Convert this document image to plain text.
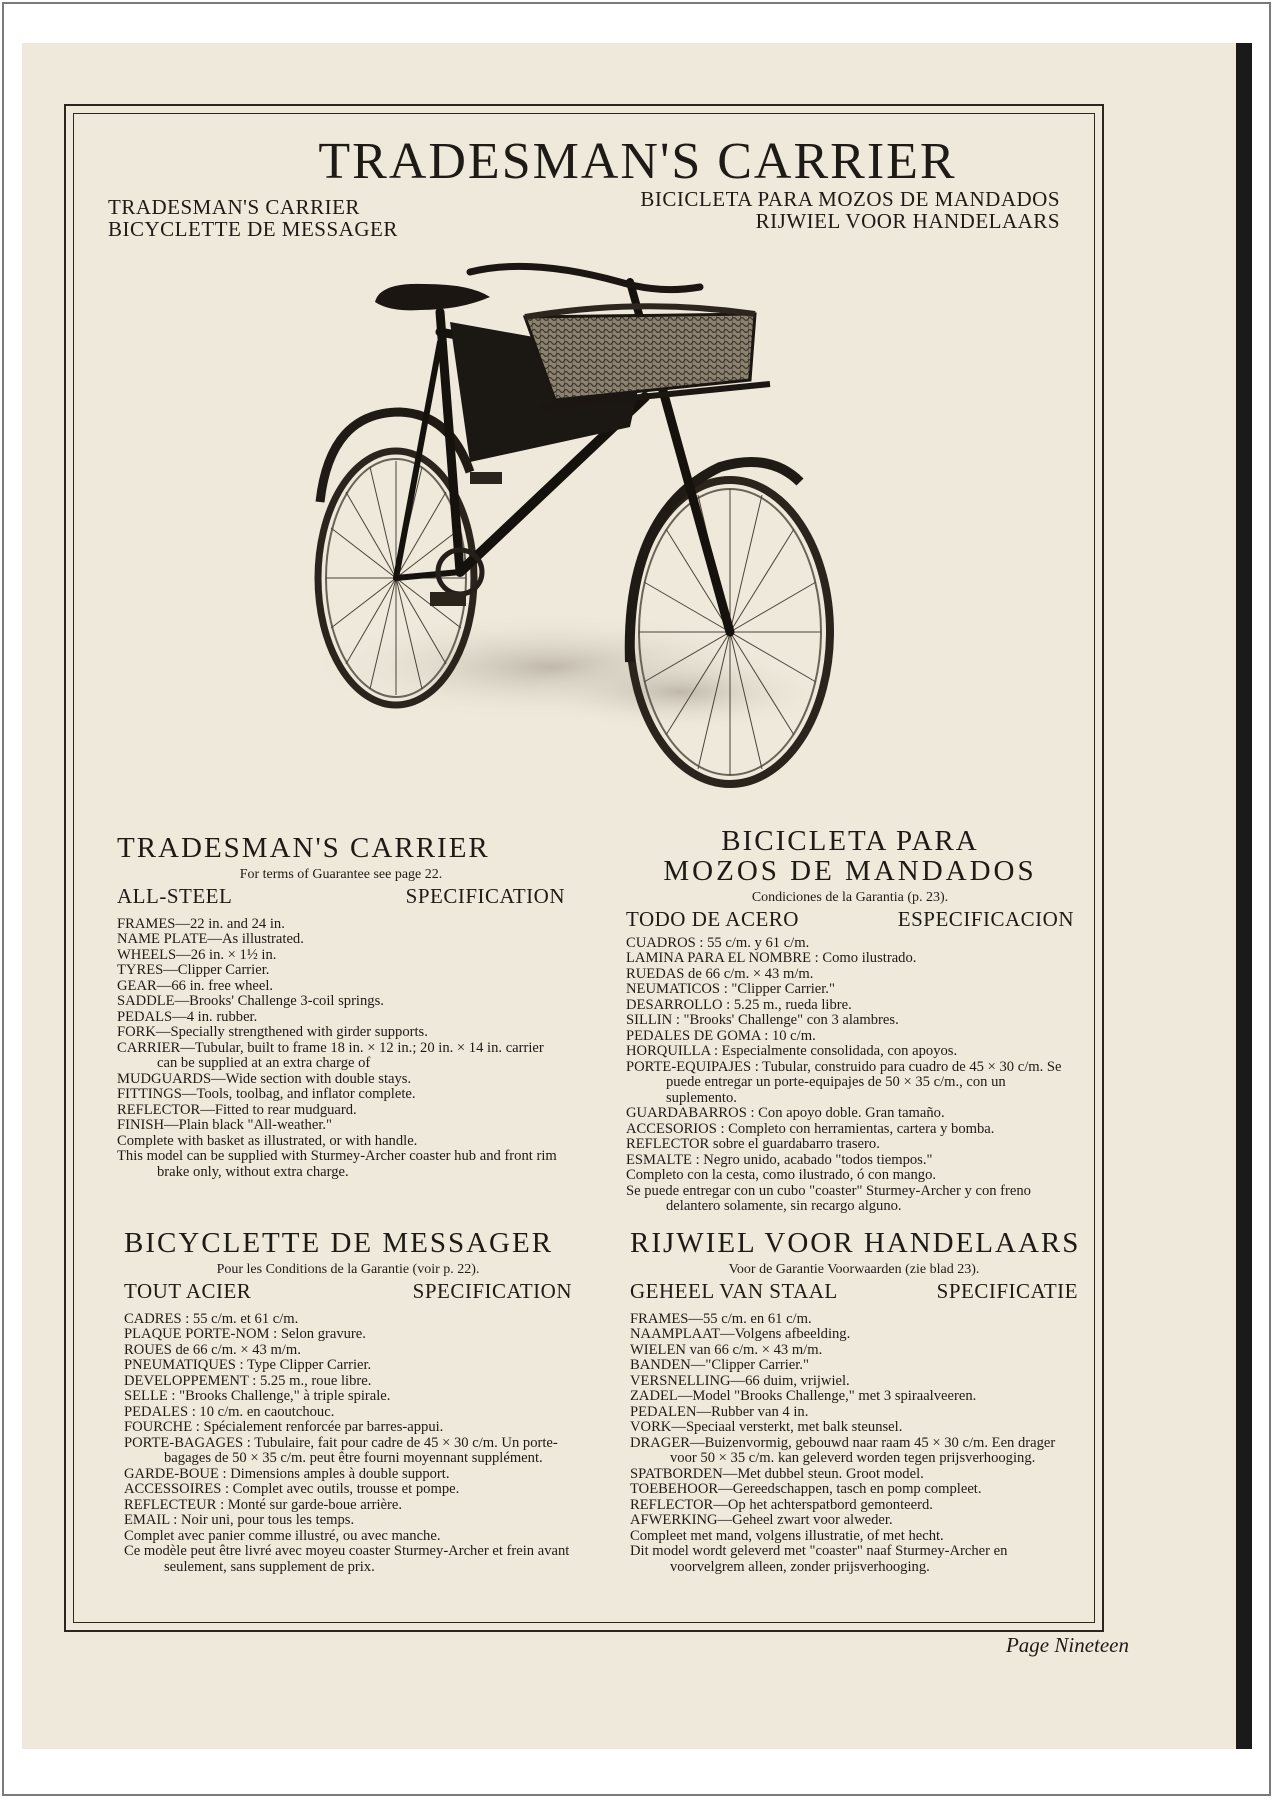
TRADESMAN'S CARRIER
TRADESMAN'S CARRIER
BICYCLETTE DE MESSAGER
BICICLETA PARA MOZOS DE MANDADOS
RIJWIEL VOOR HANDELAARS
TRADESMAN'S CARRIER
For terms of Guarantee see page 22.
ALL-STEEL	SPECIFICATION
FRAMES—22 in. and 24 in.
NAME PLATE—As illustrated.
WHEELS—26 in. × 1½ in.
TYRES—Clipper Carrier.
GEAR—66 in. free wheel.
SADDLE—Brooks' Challenge 3-coil springs.
PEDALS—4 in. rubber.
FORK—Specially strengthened with girder supports.
CARRIER—Tubular, built to frame 18 in. × 12 in.; 20 in. × 14 in. carrier can be supplied at an extra charge of
MUDGUARDS—Wide section with double stays.
FITTINGS—Tools, toolbag, and inflator complete.
REFLECTOR—Fitted to rear mudguard.
FINISH—Plain black "All-weather."
Complete with basket as illustrated, or with handle.
This model can be supplied with Sturmey-Archer coaster hub and front rim brake only, without extra charge.
BICICLETA PARA
MOZOS DE MANDADOS
Condiciones de la Garantia (p. 23).
TODO DE ACERO	ESPECIFICACION
CUADROS : 55 c/m. y 61 c/m.
LAMINA PARA EL NOMBRE : Como ilustrado.
RUEDAS de 66 c/m. × 43 m/m.
NEUMATICOS : "Clipper Carrier."
DESARROLLO : 5.25 m., rueda libre.
SILLIN : "Brooks' Challenge" con 3 alambres.
PEDALES DE GOMA : 10 c/m.
HORQUILLA : Especialmente consolidada, con apoyos.
PORTE-EQUIPAJES : Tubular, construido para cuadro de 45 × 30 c/m. Se puede entregar un porte-equipajes de 50 × 35 c/m., con un suplemento.
GUARDABARROS : Con apoyo doble. Gran tamaño.
ACCESORIOS : Completo con herramientas, cartera y bomba.
REFLECTOR sobre el guardabarro trasero.
ESMALTE : Negro unido, acabado "todos tiempos."
Completo con la cesta, como ilustrado, ó con mango.
Se puede entregar con un cubo "coaster" Sturmey-Archer y con freno delantero solamente, sin recargo alguno.
BICYCLETTE DE MESSAGER
Pour les Conditions de la Garantie (voir p. 22).
TOUT ACIER	SPECIFICATION
CADRES : 55 c/m. et 61 c/m.
PLAQUE PORTE-NOM : Selon gravure.
ROUES de 66 c/m. × 43 m/m.
PNEUMATIQUES : Type Clipper Carrier.
DEVELOPPEMENT : 5.25 m., roue libre.
SELLE : "Brooks Challenge," à triple spirale.
PEDALES : 10 c/m. en caoutchouc.
FOURCHE : Spécialement renforcée par barres-appui.
PORTE-BAGAGES : Tubulaire, fait pour cadre de 45 × 30 c/m. Un porte-bagages de 50 × 35 c/m. peut être fourni moyennant supplément.
GARDE-BOUE : Dimensions amples à double support.
ACCESSOIRES : Complet avec outils, trousse et pompe.
REFLECTEUR : Monté sur garde-boue arrière.
EMAIL : Noir uni, pour tous les temps.
Complet avec panier comme illustré, ou avec manche.
Ce modèle peut être livré avec moyeu coaster Sturmey-Archer et frein avant seulement, sans supplement de prix.
RIJWIEL VOOR HANDELAARS
Voor de Garantie Voorwaarden (zie blad 23).
GEHEEL VAN STAAL	SPECIFICATIE
FRAMES—55 c/m. en 61 c/m.
NAAMPLAAT—Volgens afbeelding.
WIELEN van 66 c/m. × 43 m/m.
BANDEN—"Clipper Carrier."
VERSNELLING—66 duim, vrijwiel.
ZADEL—Model "Brooks Challenge," met 3 spiraalveeren.
PEDALEN—Rubber van 4 in.
VORK—Speciaal versterkt, met balk steunsel.
DRAGER—Buizenvormig, gebouwd naar raam 45 × 30 c/m. Een drager voor 50 × 35 c/m. kan geleverd worden tegen prijsverhooging.
SPATBORDEN—Met dubbel steun. Groot model.
TOEBEHOOR—Gereedschappen, tasch en pomp compleet.
REFLECTOR—Op het achterspatbord gemonteerd.
AFWERKING—Geheel zwart voor alweder.
Compleet met mand, volgens illustratie, of met hecht.
Dit model wordt geleverd met "coaster" naaf Sturmey-Archer en voorvelgrem alleen, zonder prijsverhooging.
Page Nineteen
